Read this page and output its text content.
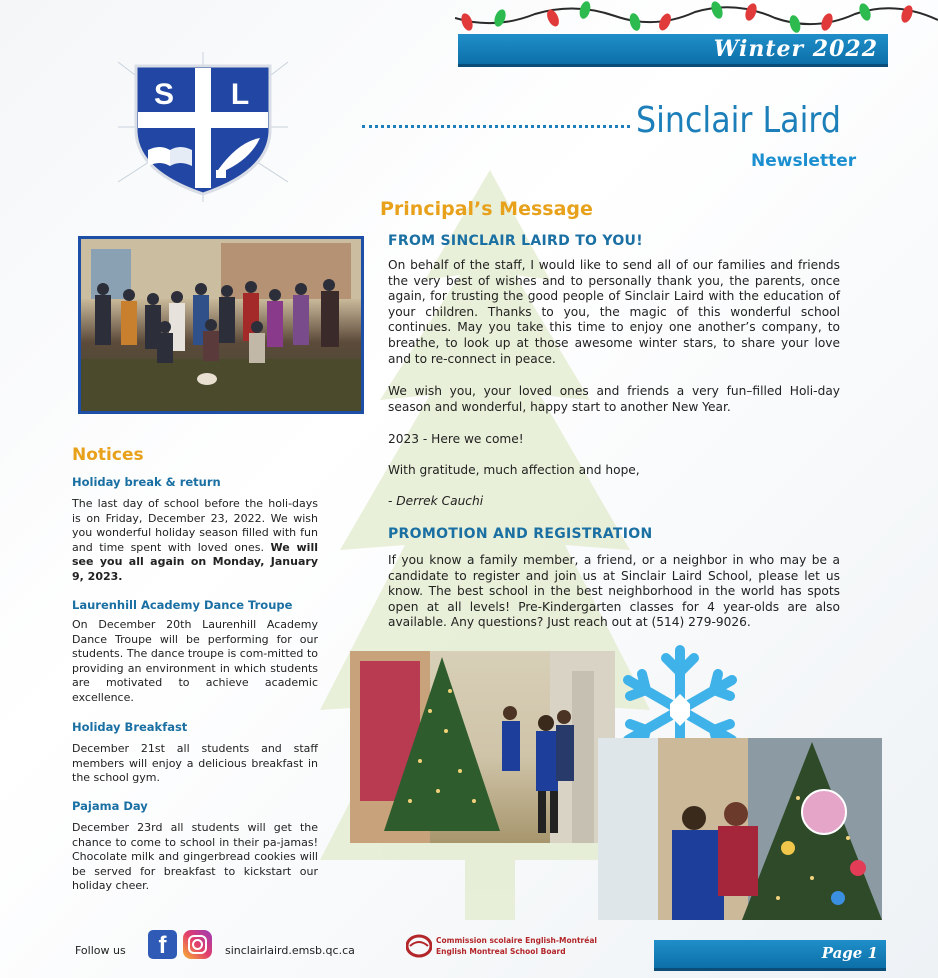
Winter 2022
S L
Sinclair Laird
Newsletter
Principal’s Message
FROM SINCLAIR LAIRD TO YOU!
On behalf of the staff, I would like to send all of our families and friends the very best of wishes and to personally thank you, the parents, once again, for trusting the good people of Sinclair Laird with the education of your children. Thanks to you, the magic of this wonderful school continues. May you take this time to enjoy one another’s company, to breathe, to look up at those awesome winter stars, to share your love and to re-connect in peace.
We wish you, your loved ones and friends a very fun–filled Holi-day season and wonderful, happy start to another New Year.
2023 - Here we come!
With gratitude, much affection and hope,
- Derrek Cauchi
PROMOTION AND REGISTRATION
If you know a family member, a friend, or a neighbor in who may be a candidate to register and join us at Sinclair Laird School, please let us know. The best school in the best neighborhood in the world has spots open at all levels! Pre-Kindergarten classes for 4 year-olds are also available. Any questions? Just reach out at (514) 279-9026.
Notices
Holiday break & return
The last day of school before the holi-days is on Friday, December 23, 2022. We wish you wonderful holiday season filled with fun and time spent with loved ones. We will see you all again on Monday, January 9, 2023.
Laurenhill Academy Dance Troupe
On December 20th Laurenhill Academy Dance Troupe will be performing for our students. The dance troupe is com-mitted to providing an environment in which students are motivated to achieve academic excellence.
Holiday Breakfast
December 21st all students and staff members will enjoy a delicious breakfast in the school gym.
Pajama Day
December 23rd all students will get the chance to come to school in their pa-jamas! Chocolate milk and gingerbread cookies will be served for breakfast to kickstart our holiday cheer.
Follow us	f	sinclairlaird.emsb.qc.ca
Commission scolaire English-Montréal
English Montreal School Board	Page 1
